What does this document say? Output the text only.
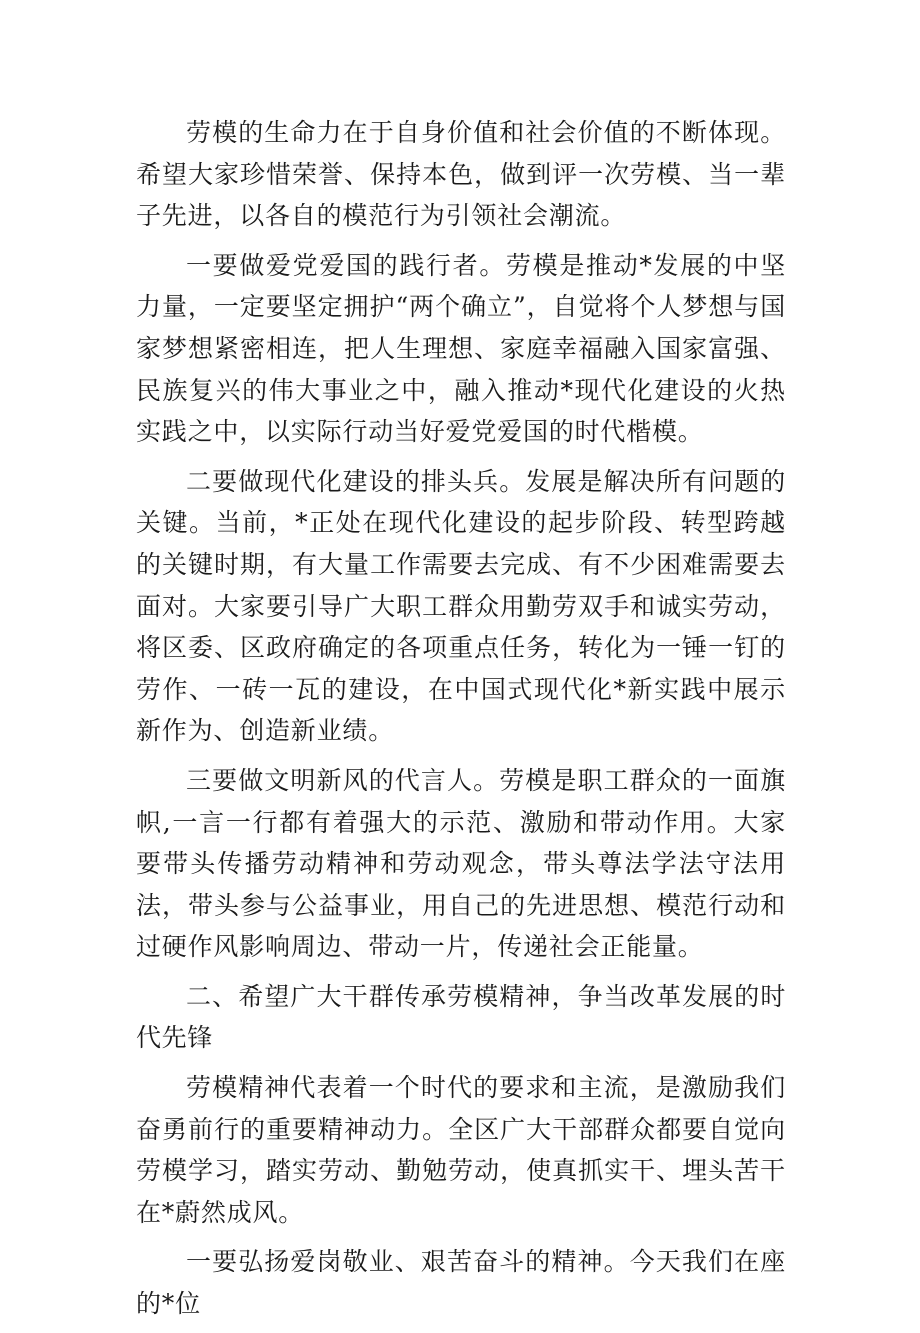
劳模的生命力在于自身价值和社会价值的不断体现。希望大家珍惜荣誉、保持本色，做到评一次劳模、当一辈子先进，以各自的模范行为引领社会潮流。

一要做爱党爱国的践行者。劳模是推动*发展的中坚力量，一定要坚定拥护“两个确立”，自觉将个人梦想与国家梦想紧密相连，把人生理想、家庭幸福融入国家富强、民族复兴的伟大事业之中，融入推动*现代化建设的火热实践之中，以实际行动当好爱党爱国的时代楷模。

二要做现代化建设的排头兵。发展是解决所有问题的关键。当前，*正处在现代化建设的起步阶段、转型跨越的关键时期，有大量工作需要去完成、有不少困难需要去面对。大家要引导广大职工群众用勤劳双手和诚实劳动，将区委、区政府确定的各项重点任务，转化为一锤一钉的劳作、一砖一瓦的建设，在中国式现代化*新实践中展示新作为、创造新业绩。

三要做文明新风的代言人。劳模是职工群众的一面旗帜,一言一行都有着强大的示范、激励和带动作用。大家要带头传播劳动精神和劳动观念，带头尊法学法守法用法，带头参与公益事业，用自己的先进思想、模范行动和过硬作风影响周边、带动一片，传递社会正能量。

二、希望广大干群传承劳模精神，争当改革发展的时代先锋

劳模精神代表着一个时代的要求和主流，是激励我们奋勇前行的重要精神动力。全区广大干部群众都要自觉向劳模学习，踏实劳动、勤勉劳动，使真抓实干、埋头苦干在*蔚然成风。

一要弘扬爱岗敬业、艰苦奋斗的精神。今天我们在座的*位
